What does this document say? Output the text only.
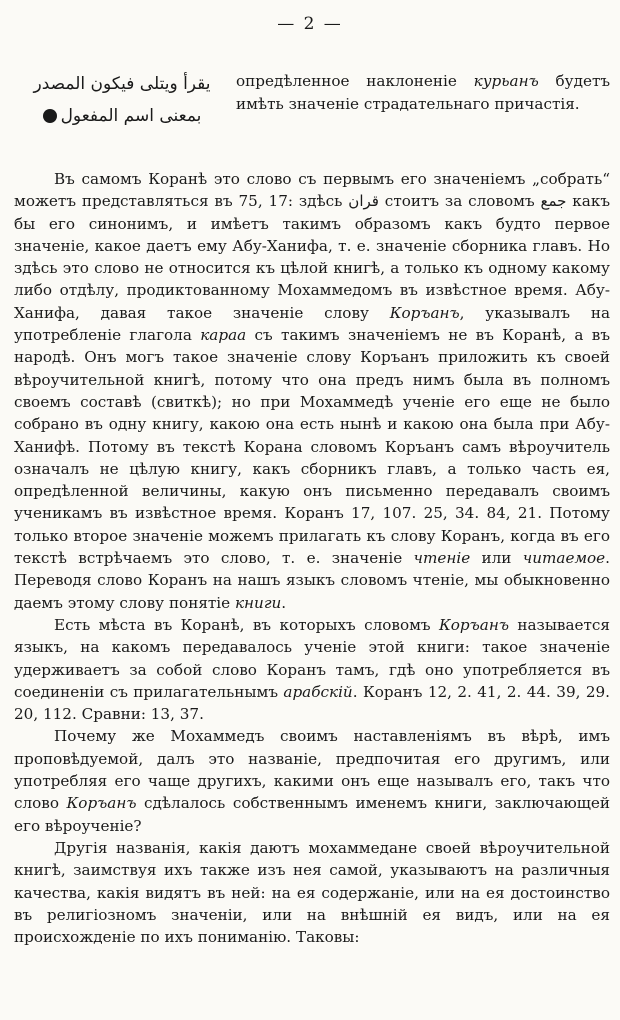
— 2 —
يقرأ ويتلى فيكون المصدر
بمعنى اسم المفعول
опредѣленное наклоненіе курьанъ будетъ имѣть значеніе страдательнаго причастія.

Въ самомъ Коранѣ это слово съ первымъ его значеніемъ „собрать“ можетъ представляться въ 75, 17: здѣсь قران стоитъ за словомъ جمع какъ бы его синонимъ, и имѣетъ такимъ образомъ какъ будто первое значеніе, какое даетъ ему Абу-Ханифа, т. е. значеніе сборника главъ. Но здѣсь это слово не относится къ цѣлой книгѣ, а только къ одному какому либо отдѣлу, продиктованному Мохаммедомъ въ извѣстное время. Абу-Ханифа, давая такое значеніе слову Коръанъ, указывалъ на употребленіе глагола караа съ такимъ значеніемъ не въ Коранѣ, а въ народѣ. Онъ могъ такое значеніе слову Коръанъ приложить къ своей вѣроучительной книгѣ, потому что она предъ нимъ была въ полномъ своемъ составѣ (свиткѣ); но при Мохаммедѣ ученіе его еще не было собрано въ одну книгу, какою она есть нынѣ и какою она была при Абу-Ханифѣ. Потому въ текстѣ Корана словомъ Коръанъ самъ вѣроучитель означалъ не цѣлую книгу, какъ сборникъ главъ, а только часть ея, опредѣленной величины, какую онъ письменно передавалъ своимъ ученикамъ въ извѣстное время. Коранъ 17, 107. 25, 34. 84, 21. Потому только второе значеніе можемъ прилагать къ слову Коранъ, когда въ его текстѣ встрѣчаемъ это слово, т. е. значеніе чтеніе или читаемое. Переводя слово Коранъ на нашъ языкъ словомъ чтеніе, мы обыкновенно даемъ этому слову понятіе книги.

Есть мѣста въ Коранѣ, въ которыхъ словомъ Коръанъ называется языкъ, на какомъ передавалось ученіе этой книги: такое значеніе удерживаетъ за собой слово Коранъ тамъ, гдѣ оно употребляется въ соединеніи съ прилагательнымъ арабскій. Коранъ 12, 2. 41, 2. 44. 39, 29. 20, 112. Сравни: 13, 37.

Почему же Мохаммедъ своимъ наставленіямъ въ вѣрѣ, имъ проповѣдуемой, далъ это названіе, предпочитая его другимъ, или употребляя его чаще другихъ, какими онъ еще называлъ его, такъ что слово Коръанъ сдѣлалось собственнымъ именемъ книги, заключающей его вѣроученіе?

Другія названія, какія даютъ мохаммедане своей вѣроучительной книгѣ, заимствуя ихъ также изъ нея самой, указываютъ на различныя качества, какія видятъ въ ней: на ея содержаніе, или на ея достоинство въ религіозномъ значеніи, или на внѣшній ея видъ, или на ея происхожденіе по ихъ пониманію. Таковы:
